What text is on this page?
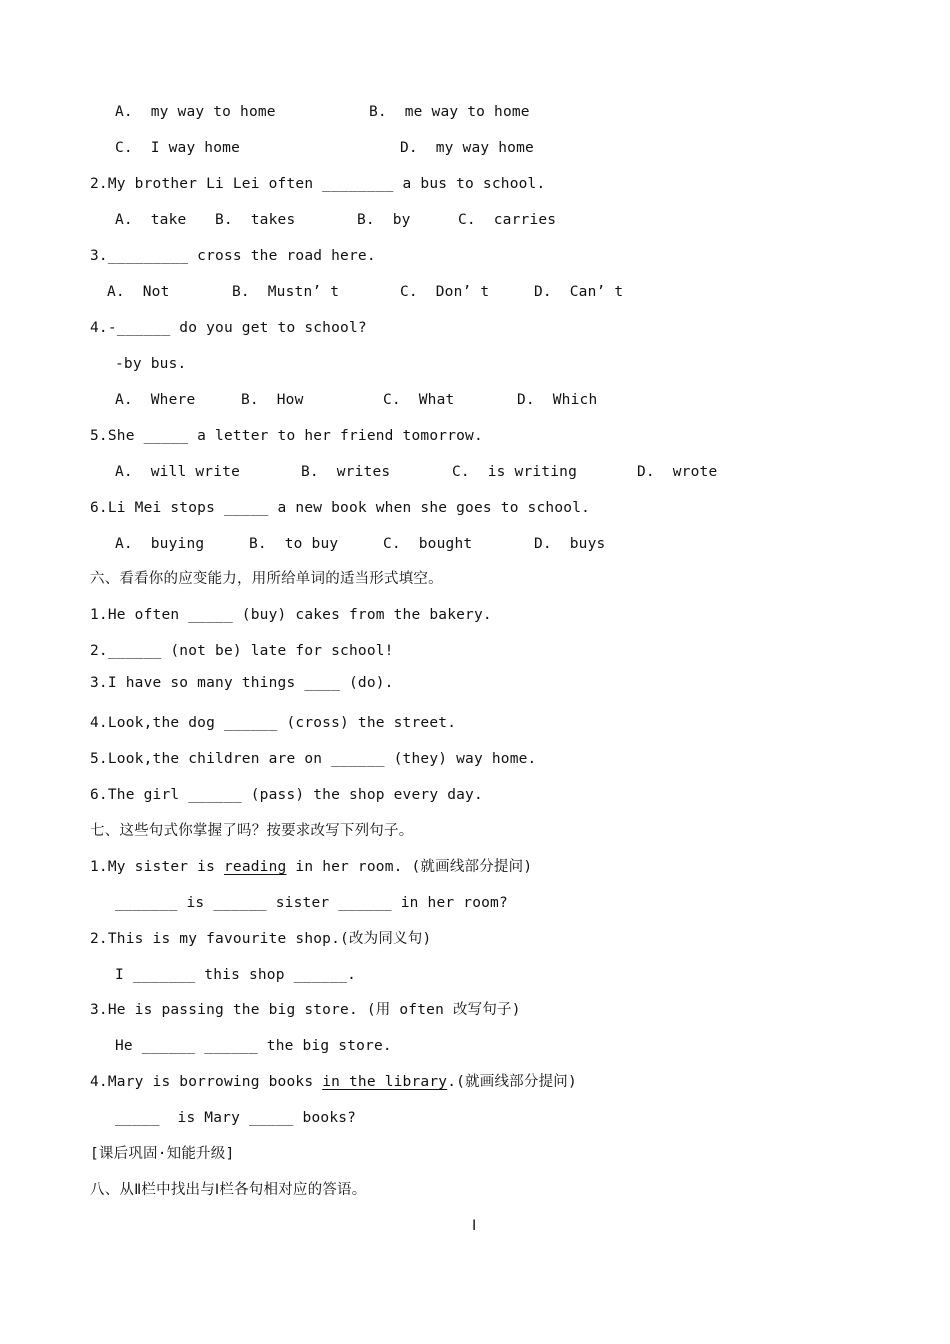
A.  my way to home	B.  me way to home
C.  I way home	D.  my way home
2.My brother Li Lei often ________ a bus to school.
A.  take B.  takes	B.  by	C.  carries
3._________ cross the road here.
A.  Not	B.  Mustn’ t	C.  Don’ t	D.  Can’ t
4.-______ do you get to school?
-by bus.
A.  Where	B.  How	C.  What	D.  Which
5.She _____ a letter to her friend tomorrow.
A.  will write	B.  writes	C.  is writing	D.  wrote
6.Li Mei stops _____ a new book when she goes to school.
A.  buying	B.  to buy	C.  bought	D.  buys
六、看看你的应变能力，用所给单词的适当形式填空。
1.He often _____ (buy) cakes from the bakery.
2.______ (not be) late for school!
3.I have so many things ____ (do).
4.Look,the dog ______ (cross) the street.
5.Look,the children are on ______ (they) way home.
6.The girl ______ (pass) the shop every day.
七、这些句式你掌握了吗？按要求改写下列句子。
1.My sister is reading in her room. (就画线部分提问)
_______ is ______ sister ______ in her room?
2.This is my favourite shop.(改为同义句)
I _______ this shop ______.
3.He is passing the big store. (用 often 改写句子)
He ______ ______ the big store.
4.Mary is borrowing books in the library.(就画线部分提问)
_____  is Mary _____ books?
[课后巩固·知能升级]
八、从Ⅱ栏中找出与Ⅰ栏各句相对应的答语。
Ⅰ
